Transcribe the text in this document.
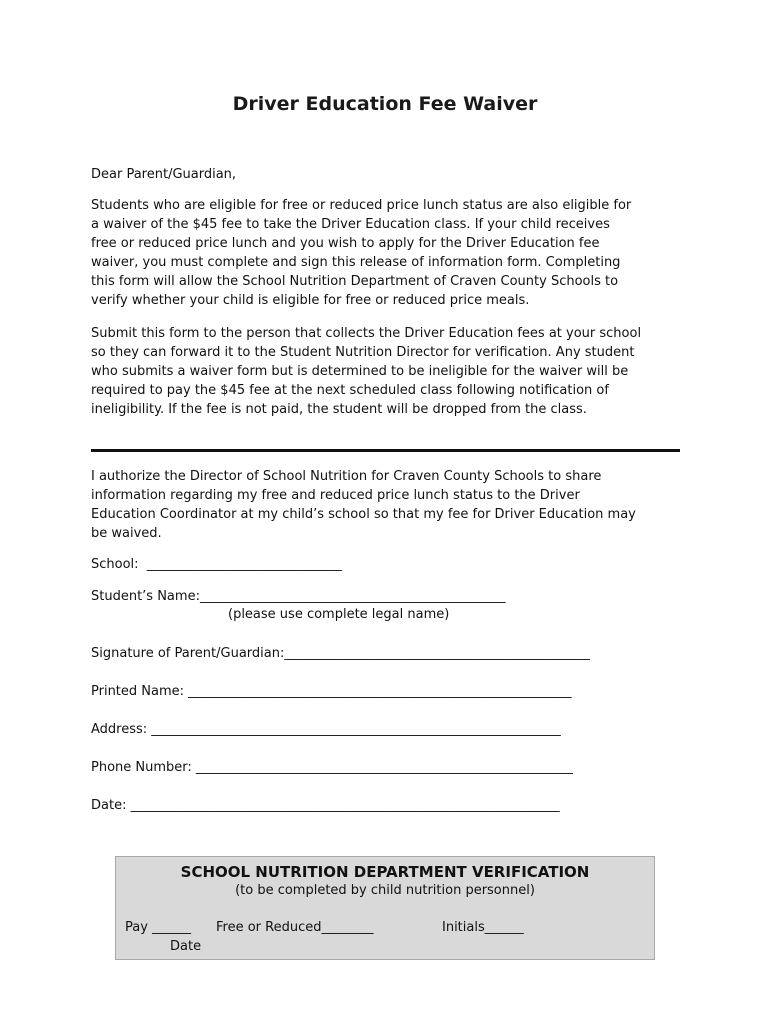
Driver Education Fee Waiver
Dear Parent/Guardian,
Students who are eligible for free or reduced price lunch status are also eligible for
a waiver of the $45 fee to take the Driver Education class. If your child receives
free or reduced price lunch and you wish to apply for the Driver Education fee
waiver, you must complete and sign this release of information form. Completing
this form will allow the School Nutrition Department of Craven County Schools to
verify whether your child is eligible for free or reduced price meals.
Submit this form to the person that collects the Driver Education fees at your school
so they can forward it to the Student Nutrition Director for verification. Any student
who submits a waiver form but is determined to be ineligible for the waiver will be
required to pay the $45 fee at the next scheduled class following notification of
ineligibility. If the fee is not paid, the student will be dropped from the class.
I authorize the Director of School Nutrition for Craven County Schools to share
information regarding my free and reduced price lunch status to the Driver
Education Coordinator at my child’s school so that my fee for Driver Education may
be waived.
School:  ______________________________
Student’s Name:_______________________________________________
(please use complete legal name)
Signature of Parent/Guardian:_______________________________________________
Printed Name: ___________________________________________________________
Address: _______________________________________________________________
Phone Number: __________________________________________________________
Date: __________________________________________________________________
SCHOOL NUTRITION DEPARTMENT VERIFICATION
(to be completed by child nutrition personnel)
Pay ______ Free or Reduced________	Initials______
Date
